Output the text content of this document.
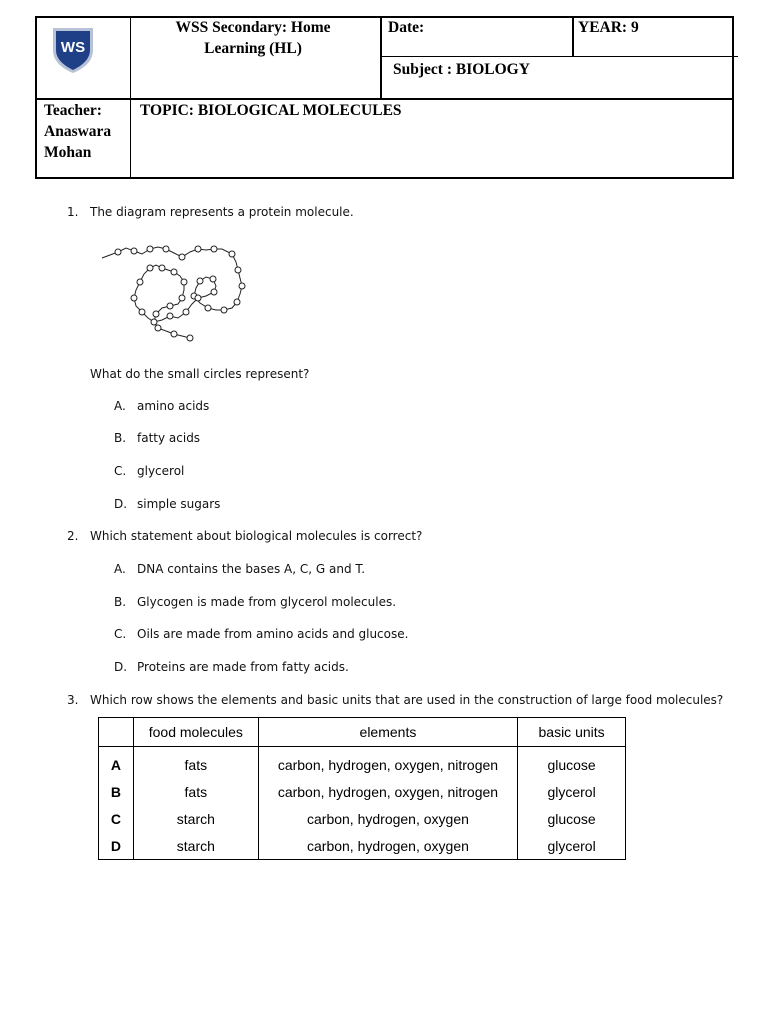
WS
WSS Secondary: Home Learning (HL)
Date:	YEAR: 9
Subject : BIOLOGY
Teacher: Anaswara Mohan
TOPIC: BIOLOGICAL MOLECULES
1. The diagram represents a protein molecule.
What do the small circles represent?
A. amino acids
B. fatty acids
C. glycerol
D. simple sugars
2. Which statement about biological molecules is correct?
A. DNA contains the bases A, C, G and T.
B. Glycogen is made from glycerol molecules.
C. Oils are made from amino acids and glucose.
D. Proteins are made from fatty acids.
3. Which row shows the elements and basic units that are used in the construction of large food molecules?
	food molecules	elements	basic units
A	fats	carbon, hydrogen, oxygen, nitrogen	glucose
B	fats	carbon, hydrogen, oxygen, nitrogen	glycerol
C	starch	carbon, hydrogen, oxygen	glucose
D	starch	carbon, hydrogen, oxygen	glycerol
